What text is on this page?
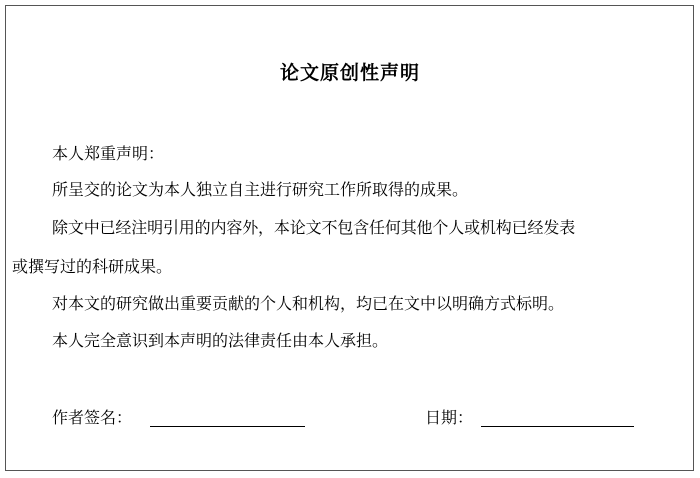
论文原创性声明
本人郑重声明：
所呈交的论文为本人独立自主进行研究工作所取得的成果。
除文中已经注明引用的内容外，本论文不包含任何其他个人或机构已经发表
或撰写过的科研成果。
对本文的研究做出重要贡献的个人和机构，均已在文中以明确方式标明。
本人完全意识到本声明的法律责任由本人承担。
作者签名：	日期：
